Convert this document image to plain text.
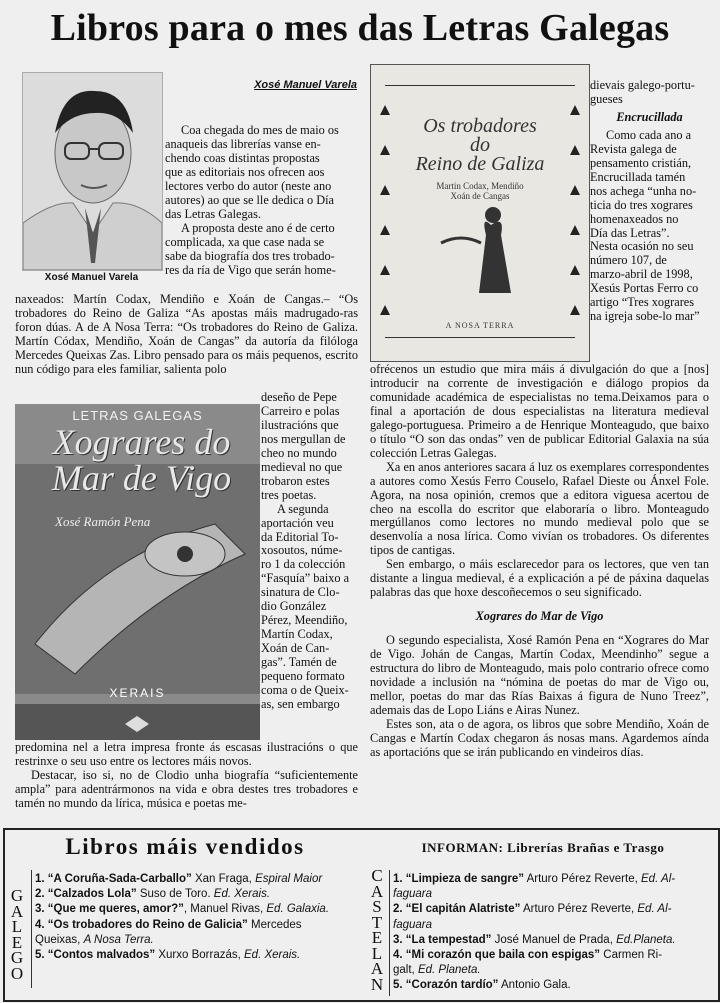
Libros para o mes das Letras Galegas
Xosé Manuel Varela
Xosé Manuel Varela
Coa chegada do mes de maio os
anaqueis das librerías vanse en-
chendo coas distintas propostas
que as editoriais nos ofrecen aos
lectores verbo do autor (neste ano
autores) ao que se lle dedica o Día
das Letras Galegas.
A proposta deste ano é de certo
complicada, xa que case nada se
sabe da biografía dos tres trobado-
res da ría de Vigo que serán home-
naxeados: Martín Codax, Mendiño e Xoán de Cangas.– “Os trobadores do Reino de Galiza “As apostas máis madrugado-ras foron dúas. A de A Nosa Terra: “Os trobadores do Reino de Galiza. Martín Códax, Mendiño, Xoán de Cangas” da autoría da filóloga Mercedes Queixas Zas. Libro pensado para os máis pequenos, escrito nun código para eles familiar, salienta polo
LETRAS GALEGAS
Xograres do
Mar de Vigo
Xosé Ramón Pena
XERAIS
deseño de Pepe
Carreiro e polas
ilustracións que
nos mergullan de
cheo no mundo
medieval no que
trobaron estes
tres poetas.
A segunda
aportación veu
da Editorial To-
xosoutos, núme-
ro 1 da colección
“Fasquía” baixo a
sinatura de Clo-
dio González
Pérez, Meendiño,
Martín Codax,
Xoán de Can-
gas”. Tamén de
pequeno formato
coma o de Queix-
as, sen embargo
predomina nel a letra impresa fronte ás escasas ilustracións o que restrinxe o seu uso entre os lectores máis novos.
Destacar, iso si, no de Clodio unha biografía “suficientemente ampla” para adentrármonos na vida e obra destes tres trobadores e tamén no mundo da lírica, música e poetas me-
Os trobadores
do
Reino de Galiza
Martin Codax, Mendiño
Xoán de Cangas
A NOSA TERRA
dievais galego-portu-
gueses
Encrucillada
Como cada ano a
Revista galega de
pensamento cristián,
Encrucillada tamén
nos achega “unha no-
ticia do tres xograres
homenaxeados no
Día das Letras”.
Nesta ocasión no seu
número 107, de
marzo-abril de 1998,
Xesús Portas Ferro co
artigo “Tres xograres
na igreja sobe-lo mar”
ofrécenos un estudio que mira máis á divulgación do que a [nos] introducir na corrente de investigación e diálogo propios da comunidade académica de especialistas no tema.Deixamos para o final a aportación de dous especialistas na literatura medieval galego-portuguesa. Primeiro a de Henrique Monteagudo, que baixo o título “O son das ondas” ven de publicar Editorial Galaxia na súa colección Letras Galegas.
Xa en anos anteriores sacara á luz os exemplares correspondentes a autores como Xesús Ferro Couselo, Rafael Dieste ou Ánxel Fole. Agora, na nosa opinión, cremos que a editora viguesa acertou de cheo na escolla do escritor que elaboraría o libro. Monteagudo mergúllanos como lectores no mundo medieval polo que se desenvolía a nosa lírica. Como vivían os trobadores. Os diferentes tipos de cantigas.
Sen embargo, o máis esclarecedor para os lectores, que ven tan distante a lingua medieval, é a explicación a pé de páxina daquelas palabras das que hoxe descoñecemos o seu significado.
Xograres do Mar de Vigo
O segundo especialista, Xosé Ramón Pena en “Xograres do Mar de Vigo. Johán de Cangas, Martín Codax, Meendinho” segue a estructura do libro de Monteagudo, mais polo contrario ofrece como novidade a inclusión na “nómina de poetas do mar de Vigo ou, mellor, poetas do mar das Rías Baixas á figura de Nuno Treez”, ademais das de Lopo Liáns e Airas Nunez.
Estes son, ata o de agora, os libros que sobre Mendiño, Xoán de Cangas e Martín Codax chegaron ás nosas mans. Agardemos aínda as aportacións que se irán publicando en vindeiros días.
Libros máis vendidos	INFORMAN: Librerías Brañas e Trasgo
G
A
L
E
G
O
1. “A Coruña-Sada-Carballo” Xan Fraga, Espiral Maior
2. “Calzados Lola” Suso de Toro. Ed. Xerais.
3. “Que me queres, amor?”, Manuel Rivas, Ed. Galaxia.
4. “Os trobadores do Reino de Galicia” Mercedes
Queixas, A Nosa Terra.
5. “Contos malvados” Xurxo Borrazás, Ed. Xerais.
C
A
S
T
E
L
A
N
1. “Limpieza de sangre” Arturo Pérez Reverte, Ed. Al-
faguara
2. “El capitán Alatriste” Arturo Pérez Reverte, Ed. Al-
faguara
3. “La tempestad” José Manuel de Prada, Ed.Planeta.
4. “Mi corazón que baila con espigas” Carmen Ri-
galt, Ed. Planeta.
5. “Corazón tardío” Antonio Gala.
